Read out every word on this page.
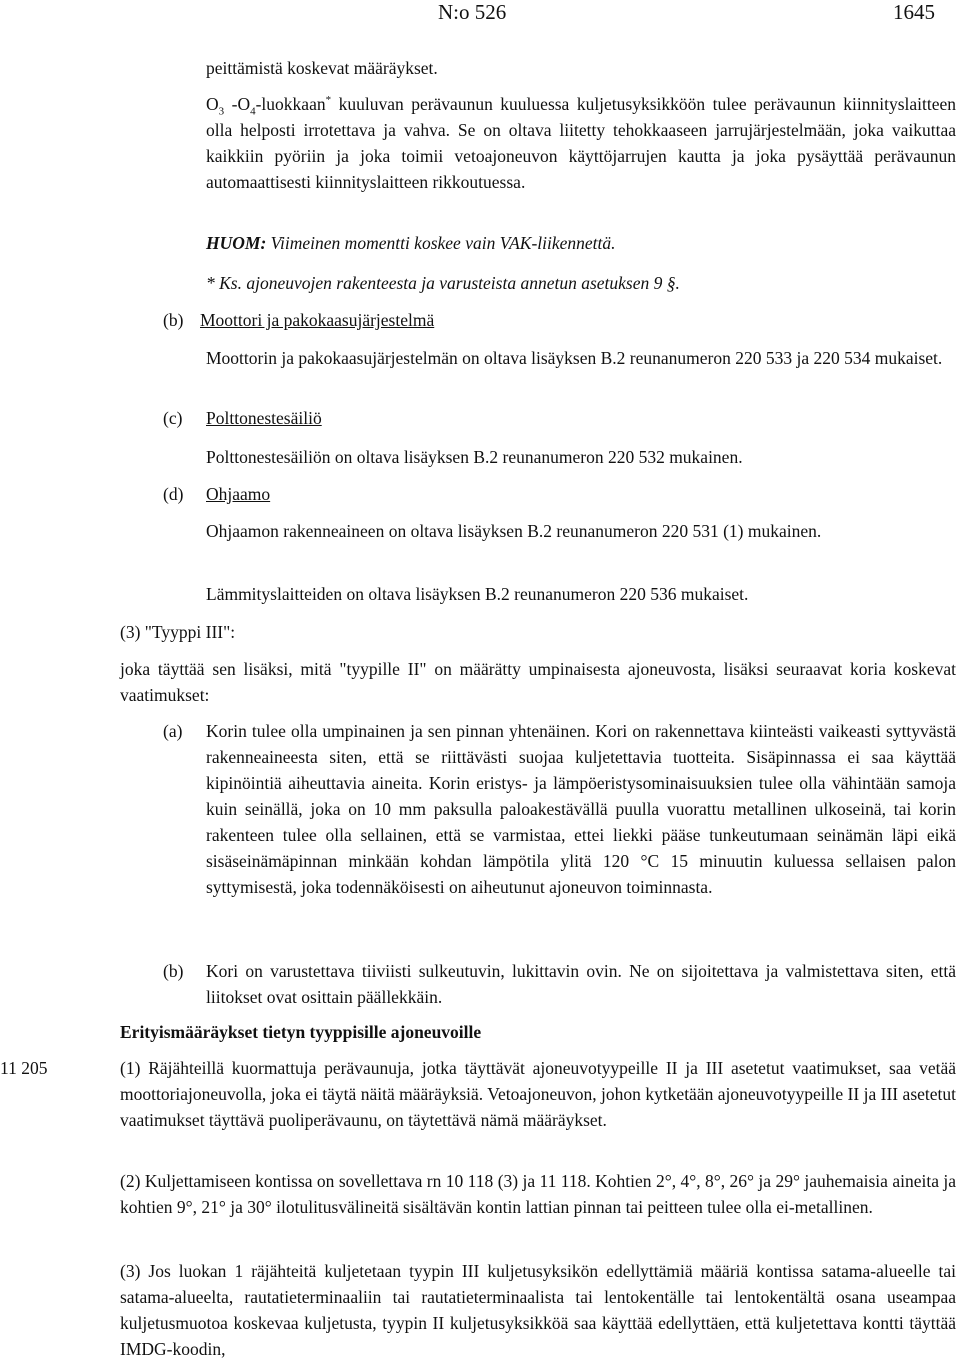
N:o 526	1645
peittämistä koskevat määräykset.
$O_3$ $-O_4-luokkaan^*$ kuuluvan perävaunun kuuluessa kuljetusyksikköön tulee perävaunun kiinnityslaitteen olla helposti irrotettava ja vahva. Se on oltava liitetty tehokkaaseen jarrujärjestelmään, joka vaikuttaa kaikkiin pyöriin ja joka toimii vetoajoneuvon käyttöjarrujen kautta ja joka pysäyttää perävaunun automaattisesti kiinnityslaitteen rikkoutuessa.
HUOM: Viimeinen momentti koskee vain VAK-liikennettä.
* Ks. ajoneuvojen rakenteesta ja varusteista annetun asetuksen 9 §.
(b) Moottori ja pakokaasujärjestelmä
Moottorin ja pakokaasujärjestelmän on oltava lisäyksen B.2 reunanumeron 220 533 ja 220 534 mukaiset.
(c) Polttonestesäiliö
Polttonestesäiliön on oltava lisäyksen B.2 reunanumeron 220 532 mukainen.
(d) Ohjaamo
Ohjaamon rakenneaineen on oltava lisäyksen B.2 reunanumeron 220 531 (1) mukainen.
Lämmityslaitteiden on oltava lisäyksen B.2 reunanumeron 220 536 mukaiset.
(3) "Tyyppi III":
joka täyttää sen lisäksi, mitä "tyypille II" on määrätty umpinaisesta ajoneuvosta, lisäksi seuraavat koria koskevat vaatimukset:
(a) Korin tulee olla umpinainen ja sen pinnan yhtenäinen. Kori on rakennettava kiinteästi vaikeasti syttyvästä rakenneaineesta siten, että se riittävästi suojaa kuljetettavia tuotteita. Sisäpinnassa ei saa käyttää kipinöintiä aiheuttavia aineita. Korin eristys- ja lämpöeristysominaisuuksien tulee olla vähintään samoja kuin seinällä, joka on 10 mm paksulla paloakestävällä puulla vuorattu metallinen ulkoseinä, tai korin rakenteen tulee olla sellainen, että se varmistaa, ettei liekki pääse tunkeutumaan seinämän läpi eikä sisäseinämäpinnan minkään kohdan lämpötila ylitä 120 °C 15 minuutin kuluessa sellaisen palon syttymisestä, joka todennäköisesti on aiheutunut ajoneuvon toiminnasta.
(b) Kori on varustettava tiiviisti sulkeutuvin, lukittavin ovin. Ne on sijoitettava ja valmistettava siten, että liitokset ovat osittain päällekkäin.
Erityismääräykset tietyn tyyppisille ajoneuvoille
11 205	(1) Räjähteillä kuormattuja perävaunuja, jotka täyttävät ajoneuvotyypeille II ja III asetetut vaatimukset, saa vetää moottoriajoneuvolla, joka ei täytä näitä määräyksiä. Vetoajoneuvon, johon kytketään ajoneuvotyypeille II ja III asetetut vaatimukset täyttävä puoliperävaunu, on täytettävä nämä määräykset.
(2) Kuljettamiseen kontissa on sovellettava rn 10 118 (3) ja 11 118. Kohtien 2°, 4°, 8°, 26° ja 29° jauhemaisia aineita ja kohtien 9°, 21° ja 30° ilotulitusvälineitä sisältävän kontin lattian pinnan tai peitteen tulee olla ei-metallinen.
(3) Jos luokan 1 räjähteitä kuljetetaan tyypin III kuljetusyksikön edellyttämiä määriä kontissa satama-alueelle tai satama-alueelta, rautatieterminaaliin tai rautatieterminaalista tai lentokentälle tai lentokentältä osana useampaa kuljetusmuotoa koskevaa kuljetusta, tyypin II kuljetusyksikköä saa käyttää edellyttäen, että kuljetettava kontti täyttää IMDG-koodin,
